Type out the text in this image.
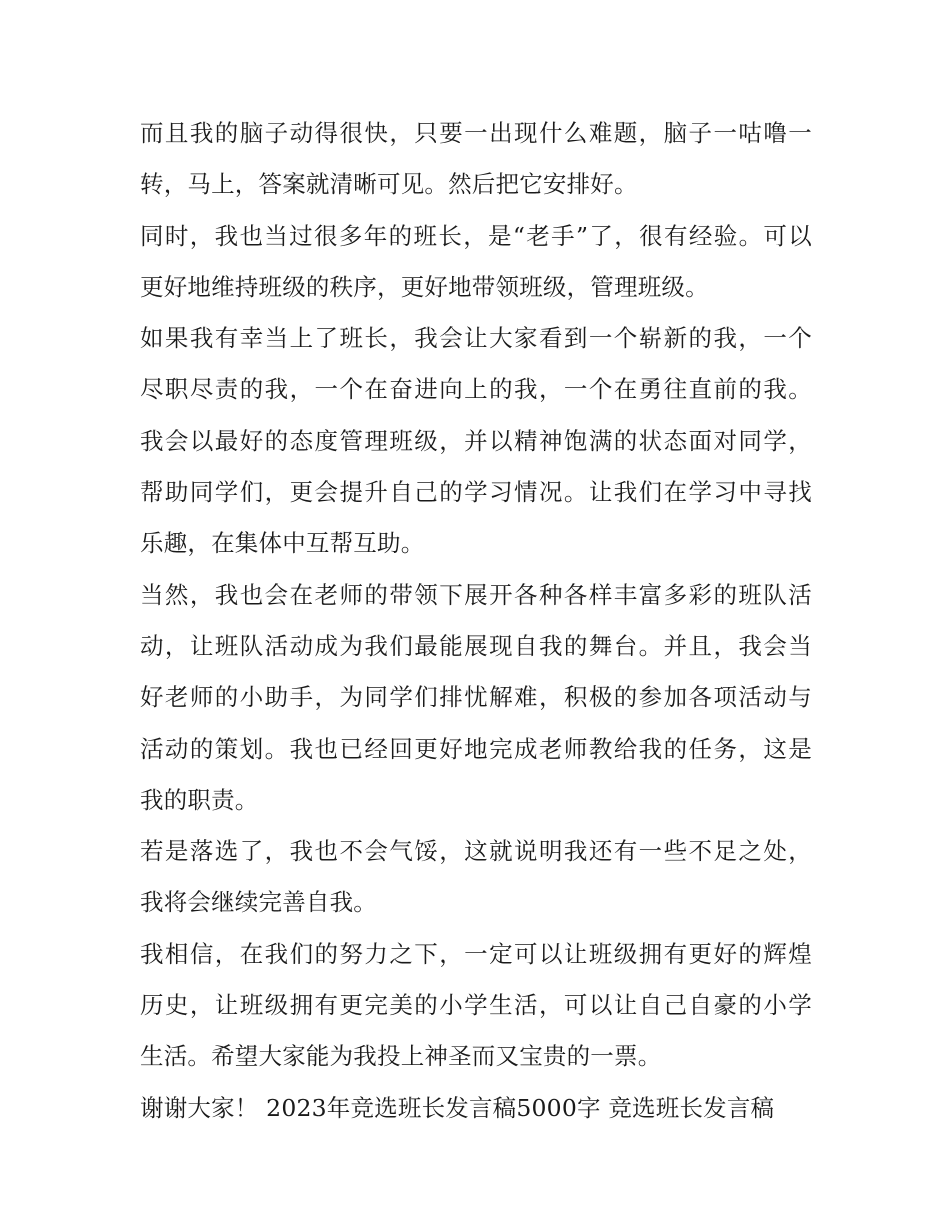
而且我的脑子动得很快，只要一出现什么难题，脑子一咕噜一
转，马上，答案就清晰可见。然后把它安排好。
同时，我也当过很多年的班长，是“老手”了，很有经验。可以
更好地维持班级的秩序，更好地带领班级，管理班级。
如果我有幸当上了班长，我会让大家看到一个崭新的我，一个
尽职尽责的我，一个在奋进向上的我，一个在勇往直前的我。
我会以最好的态度管理班级，并以精神饱满的状态面对同学，
帮助同学们，更会提升自己的学习情况。让我们在学习中寻找
乐趣，在集体中互帮互助。
当然，我也会在老师的带领下展开各种各样丰富多彩的班队活
动，让班队活动成为我们最能展现自我的舞台。并且，我会当
好老师的小助手，为同学们排忧解难，积极的参加各项活动与
活动的策划。我也已经回更好地完成老师教给我的任务，这是
我的职责。
若是落选了，我也不会气馁，这就说明我还有一些不足之处，
我将会继续完善自我。
我相信，在我们的努力之下，一定可以让班级拥有更好的辉煌
历史，让班级拥有更完美的小学生活，可以让自己自豪的小学
生活。希望大家能为我投上神圣而又宝贵的一票。
谢谢大家！ 2023年竞选班长发言稿5000字 竞选班长发言稿
